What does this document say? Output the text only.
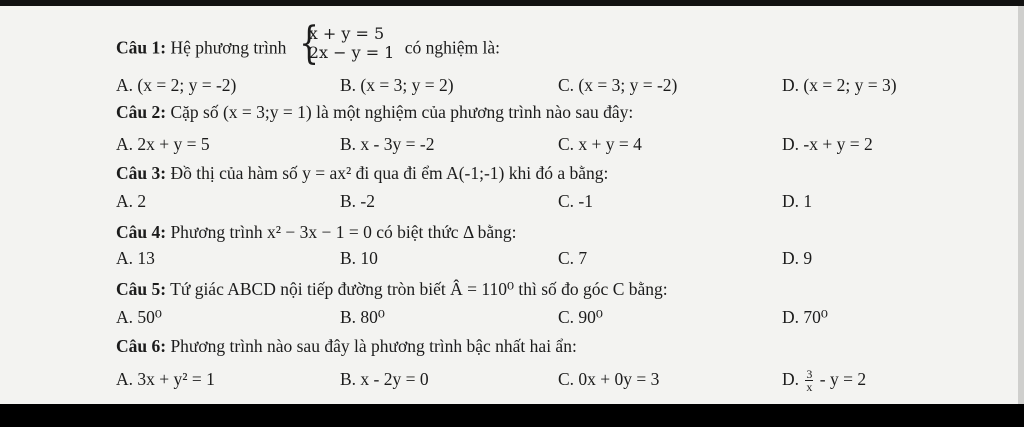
Câu 1: Hệ phương trình {
x + y = 5
2x − y = 1 có nghiệm là:
A. (x = 2; y = -2)	B. (x = 3; y = 2)	C. (x = 3; y = -2)	D. (x = 2; y = 3)
Câu 2: Cặp số (x = 3;y = 1) là một nghiệm của phương trình nào sau đây:
A. 2x + y = 5	B. x - 3y = -2	C. x + y = 4	D. -x + y = 2
Câu 3: Đồ thị của hàm số y = ax² đi qua đi ểm A(-1;-1) khi đó a bằng:
A. 2	B. -2	C. -1	D. 1
Câu 4: Phương trình x² − 3x − 1 = 0 có biệt thức Δ bằng:
A. 13	B. 10	C. 7	D. 9
Câu 5: Tứ giác ABCD nội tiếp đường tròn biết Â = 110⁰ thì số đo góc C bằng:
A. 50⁰	B. 80⁰	C. 90⁰	D. 70⁰
Câu 6: Phương trình nào sau đây là phương trình bậc nhất hai ẩn:
A. 3x + y² = 1	B. x - 2y = 0	C. 0x + 0y = 3	D. $\frac{3}{x} - y = 2$
